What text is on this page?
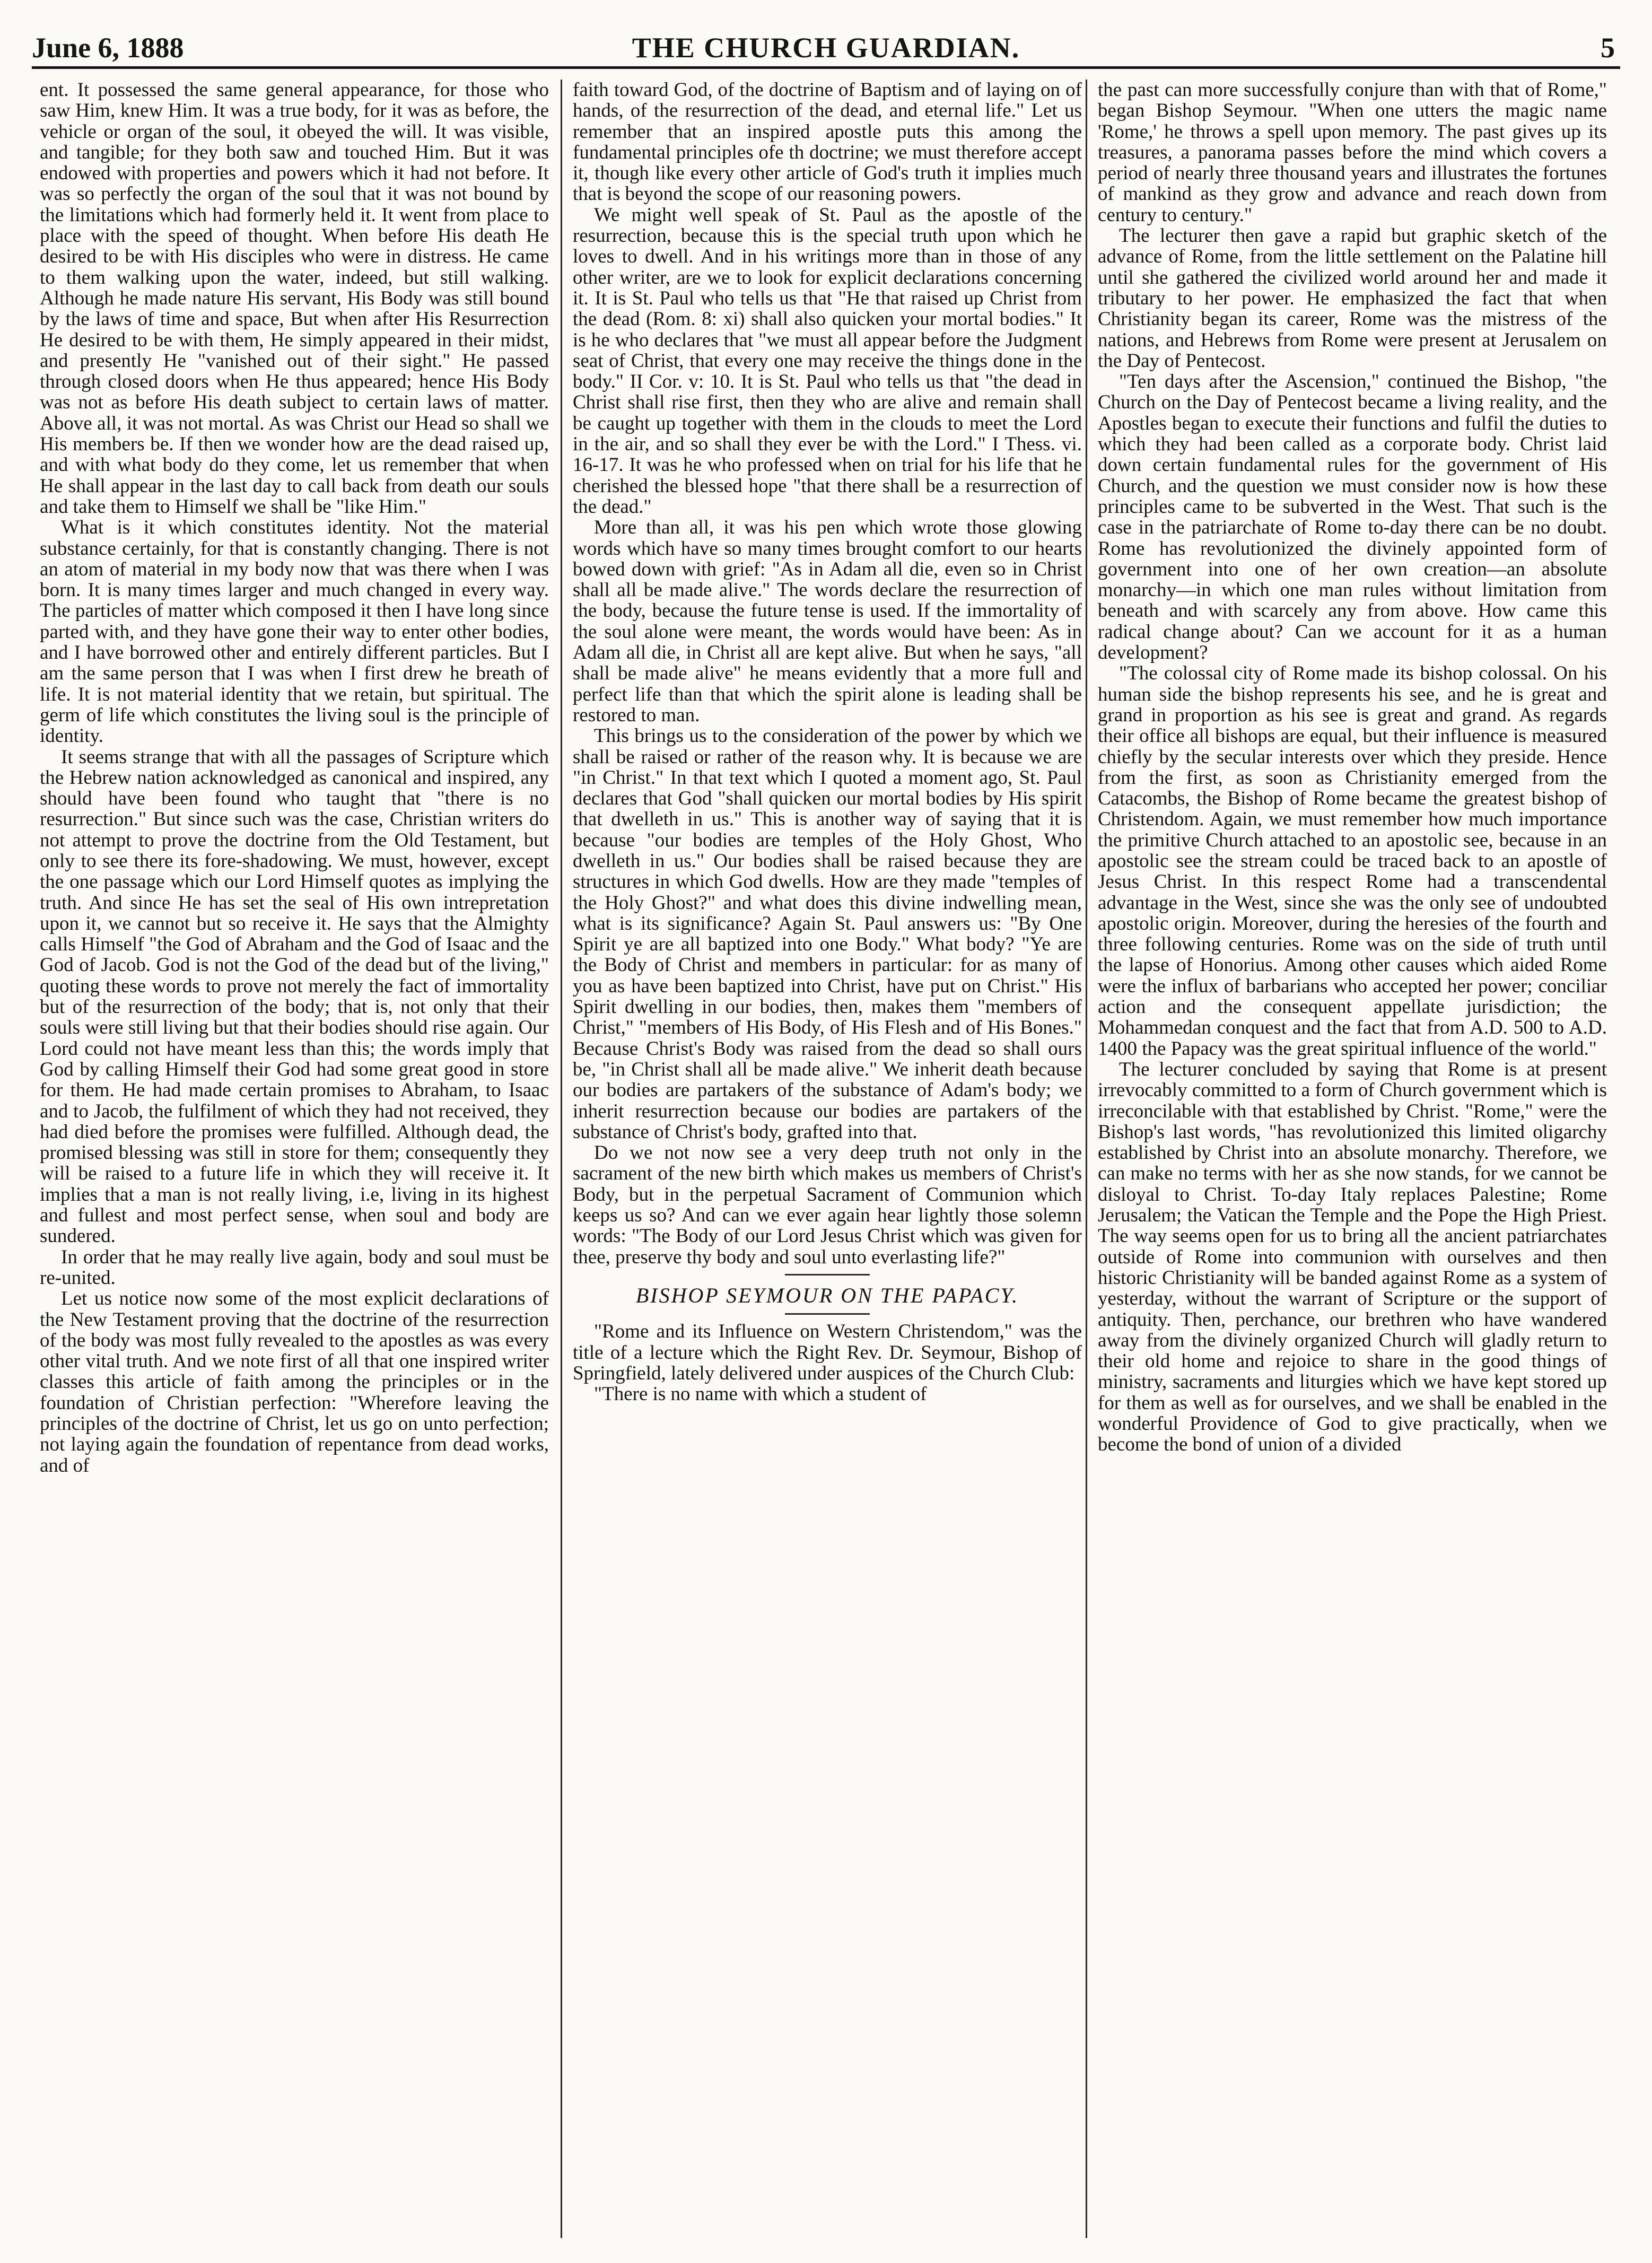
THE CHURCH GUARDIAN.
June 6, 1888	5

ent. It possessed the same general appearance, for those who saw Him, knew Him. It was a true body, for it was as before, the vehicle or organ of the soul, it obeyed the will. It was visible, and tangible; for they both saw and touched Him. But it was endowed with properties and powers which it had not before. It was so perfectly the organ of the soul that it was not bound by the limitations which had formerly held it. It went from place to place with the speed of thought. When before His death He desired to be with His disciples who were in distress. He came to them walking upon the water, indeed, but still walking. Although he made nature His servant, His Body was still bound by the laws of time and space, But when after His Resurrection He desired to be with them, He simply appeared in their midst, and presently He "vanished out of their sight." He passed through closed doors when He thus appeared; hence His Body was not as before His death subject to certain laws of matter. Above all, it was not mortal. As was Christ our Head so shall we His members be. If then we wonder how are the dead raised up, and with what body do they come, let us remember that when He shall appear in the last day to call back from death our souls and take them to Himself we shall be "like Him."

What is it which constitutes identity. Not the material substance certainly, for that is constantly changing. There is not an atom of material in my body now that was there when I was born. It is many times larger and much changed in every way. The particles of matter which composed it then I have long since parted with, and they have gone their way to enter other bodies, and I have borrowed other and entirely different particles. But I am the same person that I was when I first drew he breath of life. It is not material identity that we retain, but spiritual. The germ of life which constitutes the living soul is the principle of identity.

It seems strange that with all the passages of Scripture which the Hebrew nation acknowledged as canonical and inspired, any should have been found who taught that "there is no resurrection." But since such was the case, Christian writers do not attempt to prove the doctrine from the Old Testament, but only to see there its fore-shadowing. We must, however, except the one passage which our Lord Himself quotes as implying the truth. And since He has set the seal of His own intrepretation upon it, we cannot but so receive it. He says that the Almighty calls Himself "the God of Abraham and the God of Isaac and the God of Jacob. God is not the God of the dead but of the living," quoting these words to prove not merely the fact of immortality but of the resurrection of the body; that is, not only that their souls were still living but that their bodies should rise again. Our Lord could not have meant less than this; the words imply that God by calling Himself their God had some great good in store for them. He had made certain promises to Abraham, to Isaac and to Jacob, the fulfilment of which they had not received, they had died before the promises were fulfilled. Although dead, the promised blessing was still in store for them; consequently they will be raised to a future life in which they will receive it. It implies that a man is not really living, i.e, living in its highest and fullest and most perfect sense, when soul and body are sundered.

In order that he may really live again, body and soul must be re-united.

Let us notice now some of the most explicit declarations of the New Testament proving that the doctrine of the resurrection of the body was most fully revealed to the apostles as was every other vital truth. And we note first of all that one inspired writer classes this article of faith among the principles or in the foundation of Christian perfection: "Wherefore leaving the principles of the doctrine of Christ, let us go on unto perfection; not laying again the foundation of repentance from dead works, and of

faith toward God, of the doctrine of Baptism and of laying on of hands, of the resurrection of the dead, and eternal life." Let us remember that an inspired apostle puts this among the fundamental principles ofe th doctrine; we must therefore accept it, though like every other article of God's truth it implies much that is beyond the scope of our reasoning powers.

We might well speak of St. Paul as the apostle of the resurrection, because this is the special truth upon which he loves to dwell. And in his writings more than in those of any other writer, are we to look for explicit declarations concerning it. It is St. Paul who tells us that "He that raised up Christ from the dead (Rom. 8: xi) shall also quicken your mortal bodies." It is he who declares that "we must all appear before the Judgment seat of Christ, that every one may receive the things done in the body." II Cor. v: 10. It is St. Paul who tells us that "the dead in Christ shall rise first, then they who are alive and remain shall be caught up together with them in the clouds to meet the Lord in the air, and so shall they ever be with the Lord." I Thess. vi. 16-17. It was he who professed when on trial for his life that he cherished the blessed hope "that there shall be a resurrection of the dead."

More than all, it was his pen which wrote those glowing words which have so many times brought comfort to our hearts bowed down with grief: "As in Adam all die, even so in Christ shall all be made alive." The words declare the resurrection of the body, because the future tense is used. If the immortality of the soul alone were meant, the words would have been: As in Adam all die, in Christ all are kept alive. But when he says, "all shall be made alive" he means evidently that a more full and perfect life than that which the spirit alone is leading shall be restored to man.

This brings us to the consideration of the power by which we shall be raised or rather of the reason why. It is because we are "in Christ." In that text which I quoted a moment ago, St. Paul declares that God "shall quicken our mortal bodies by His spirit that dwelleth in us." This is another way of saying that it is because "our bodies are temples of the Holy Ghost, Who dwelleth in us." Our bodies shall be raised because they are structures in which God dwells. How are they made "temples of the Holy Ghost?" and what does this divine indwelling mean, what is its significance? Again St. Paul answers us: "By One Spirit ye are all baptized into one Body." What body? "Ye are the Body of Christ and members in particular: for as many of you as have been baptized into Christ, have put on Christ." His Spirit dwelling in our bodies, then, makes them "members of Christ," "members of His Body, of His Flesh and of His Bones." Because Christ's Body was raised from the dead so shall ours be, "in Christ shall all be made alive." We inherit death because our bodies are partakers of the substance of Adam's body; we inherit resurrection because our bodies are partakers of the substance of Christ's body, grafted into that.

Do we not now see a very deep truth not only in the sacrament of the new birth which makes us members of Christ's Body, but in the perpetual Sacrament of Communion which keeps us so? And can we ever again hear lightly those solemn words: "The Body of our Lord Jesus Christ which was given for thee, preserve thy body and soul unto everlasting life?"

BISHOP SEYMOUR ON THE PAPACY.

"Rome and its Influence on Western Christendom," was the title of a lecture which the Right Rev. Dr. Seymour, Bishop of Springfield, lately delivered under auspices of the Church Club:

"There is no name with which a student of

the past can more successfully conjure than with that of Rome," began Bishop Seymour. "When one utters the magic name 'Rome,' he throws a spell upon memory. The past gives up its treasures, a panorama passes before the mind which covers a period of nearly three thousand years and illustrates the fortunes of mankind as they grow and advance and reach down from century to century."

The lecturer then gave a rapid but graphic sketch of the advance of Rome, from the little settlement on the Palatine hill until she gathered the civilized world around her and made it tributary to her power. He emphasized the fact that when Christianity began its career, Rome was the mistress of the nations, and Hebrews from Rome were present at Jerusalem on the Day of Pentecost.

"Ten days after the Ascension," continued the Bishop, "the Church on the Day of Pentecost became a living reality, and the Apostles began to execute their functions and fulfil the duties to which they had been called as a corporate body. Christ laid down certain fundamental rules for the government of His Church, and the question we must consider now is how these principles came to be subverted in the West. That such is the case in the patriarchate of Rome to-day there can be no doubt. Rome has revolutionized the divinely appointed form of government into one of her own creation—an absolute monarchy—in which one man rules without limitation from beneath and with scarcely any from above. How came this radical change about? Can we account for it as a human development?

"The colossal city of Rome made its bishop colossal. On his human side the bishop represents his see, and he is great and grand in proportion as his see is great and grand. As regards their office all bishops are equal, but their influence is measured chiefly by the secular interests over which they preside. Hence from the first, as soon as Christianity emerged from the Catacombs, the Bishop of Rome became the greatest bishop of Christendom. Again, we must remember how much importance the primitive Church attached to an apostolic see, because in an apostolic see the stream could be traced back to an apostle of Jesus Christ. In this respect Rome had a transcendental advantage in the West, since she was the only see of undoubted apostolic origin. Moreover, during the heresies of the fourth and three following centuries. Rome was on the side of truth until the lapse of Honorius. Among other causes which aided Rome were the influx of barbarians who accepted her power; conciliar action and the consequent appellate jurisdiction; the Mohammedan conquest and the fact that from A.D. 500 to A.D. 1400 the Papacy was the great spiritual influence of the world."

The lecturer concluded by saying that Rome is at present irrevocably committed to a form of Church government which is irreconcilable with that established by Christ. "Rome," were the Bishop's last words, "has revolutionized this limited oligarchy established by Christ into an absolute monarchy. Therefore, we can make no terms with her as she now stands, for we cannot be disloyal to Christ. To-day Italy replaces Palestine; Rome Jerusalem; the Vatican the Temple and the Pope the High Priest. The way seems open for us to bring all the ancient patriarchates outside of Rome into communion with ourselves and then historic Christianity will be banded against Rome as a system of yesterday, without the warrant of Scripture or the support of antiquity. Then, perchance, our brethren who have wandered away from the divinely organized Church will gladly return to their old home and rejoice to share in the good things of ministry, sacraments and liturgies which we have kept stored up for them as well as for ourselves, and we shall be enabled in the wonderful Providence of God to give practically, when we become the bond of union of a divided
